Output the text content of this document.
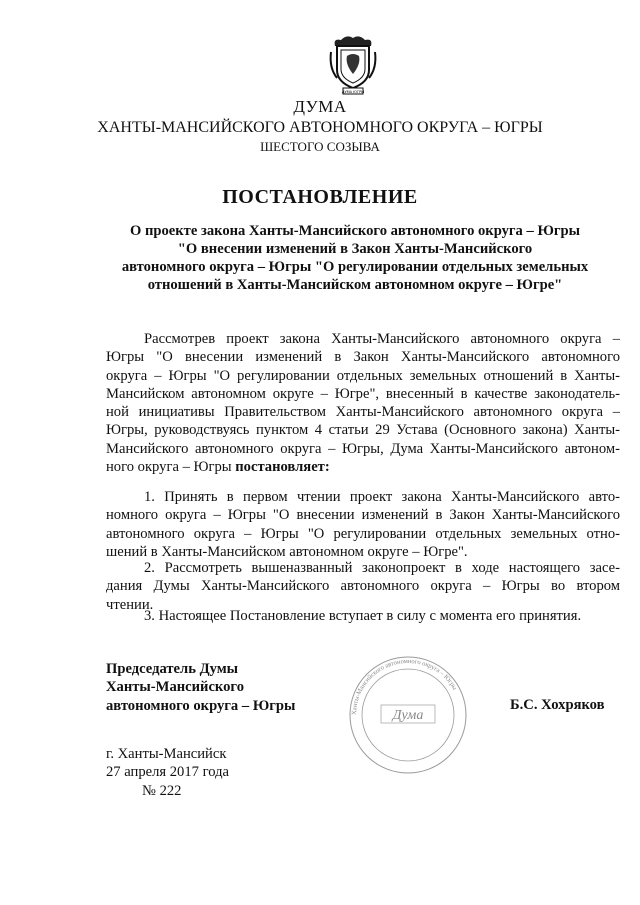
ДУМА ЮГРЫ
ДУМА
ХАНТЫ-МАНСИЙСКОГО АВТОНОМНОГО ОКРУГА – ЮГРЫ
ШЕСТОГО СОЗЫВА
ПОСТАНОВЛЕНИЕ
О проекте закона Ханты-Мансийского автономного округа – Югры
"О внесении изменений в Закон Ханты-Мансийского
автономного округа – Югры "О регулировании отдельных земельных
отношений в Ханты-Мансийском автономном округе – Югре"
Рассмотрев проект закона Ханты-Мансийского автономного округа –
Югры "О внесении изменений в Закон Ханты-Мансийского автономного
округа – Югры "О регулировании отдельных земельных отношений в Ханты-
Мансийском автономном округе – Югре", внесенный в качестве законодатель-
ной инициативы Правительством Ханты-Мансийского автономного округа –
Югры, руководствуясь пунктом 4 статьи 29 Устава (Основного закона) Ханты-
Мансийского автономного округа – Югры, Дума Ханты-Мансийского автоном-
ного округа – Югры постановляет:
1. Принять в первом чтении проект закона Ханты-Мансийского авто-
номного округа – Югры "О внесении изменений в Закон Ханты-Мансийского
автономного округа – Югры "О регулировании отдельных земельных отно-
шений в Ханты-Мансийском автономном округе – Югре".
2. Рассмотреть вышеназванный законопроект в ходе настоящего засе-
дания Думы Ханты-Мансийского автономного округа – Югры во втором
чтении.
3. Настоящее Постановление вступает в силу с момента его принятия.
Председатель Думы
Ханты-Мансийского
автономного округа – Югры	Ханты-Мансийского автономного округа – Югры
Дума
Б.С. Хохряков
г. Ханты-Мансийск
27 апреля 2017 года
№ 222
